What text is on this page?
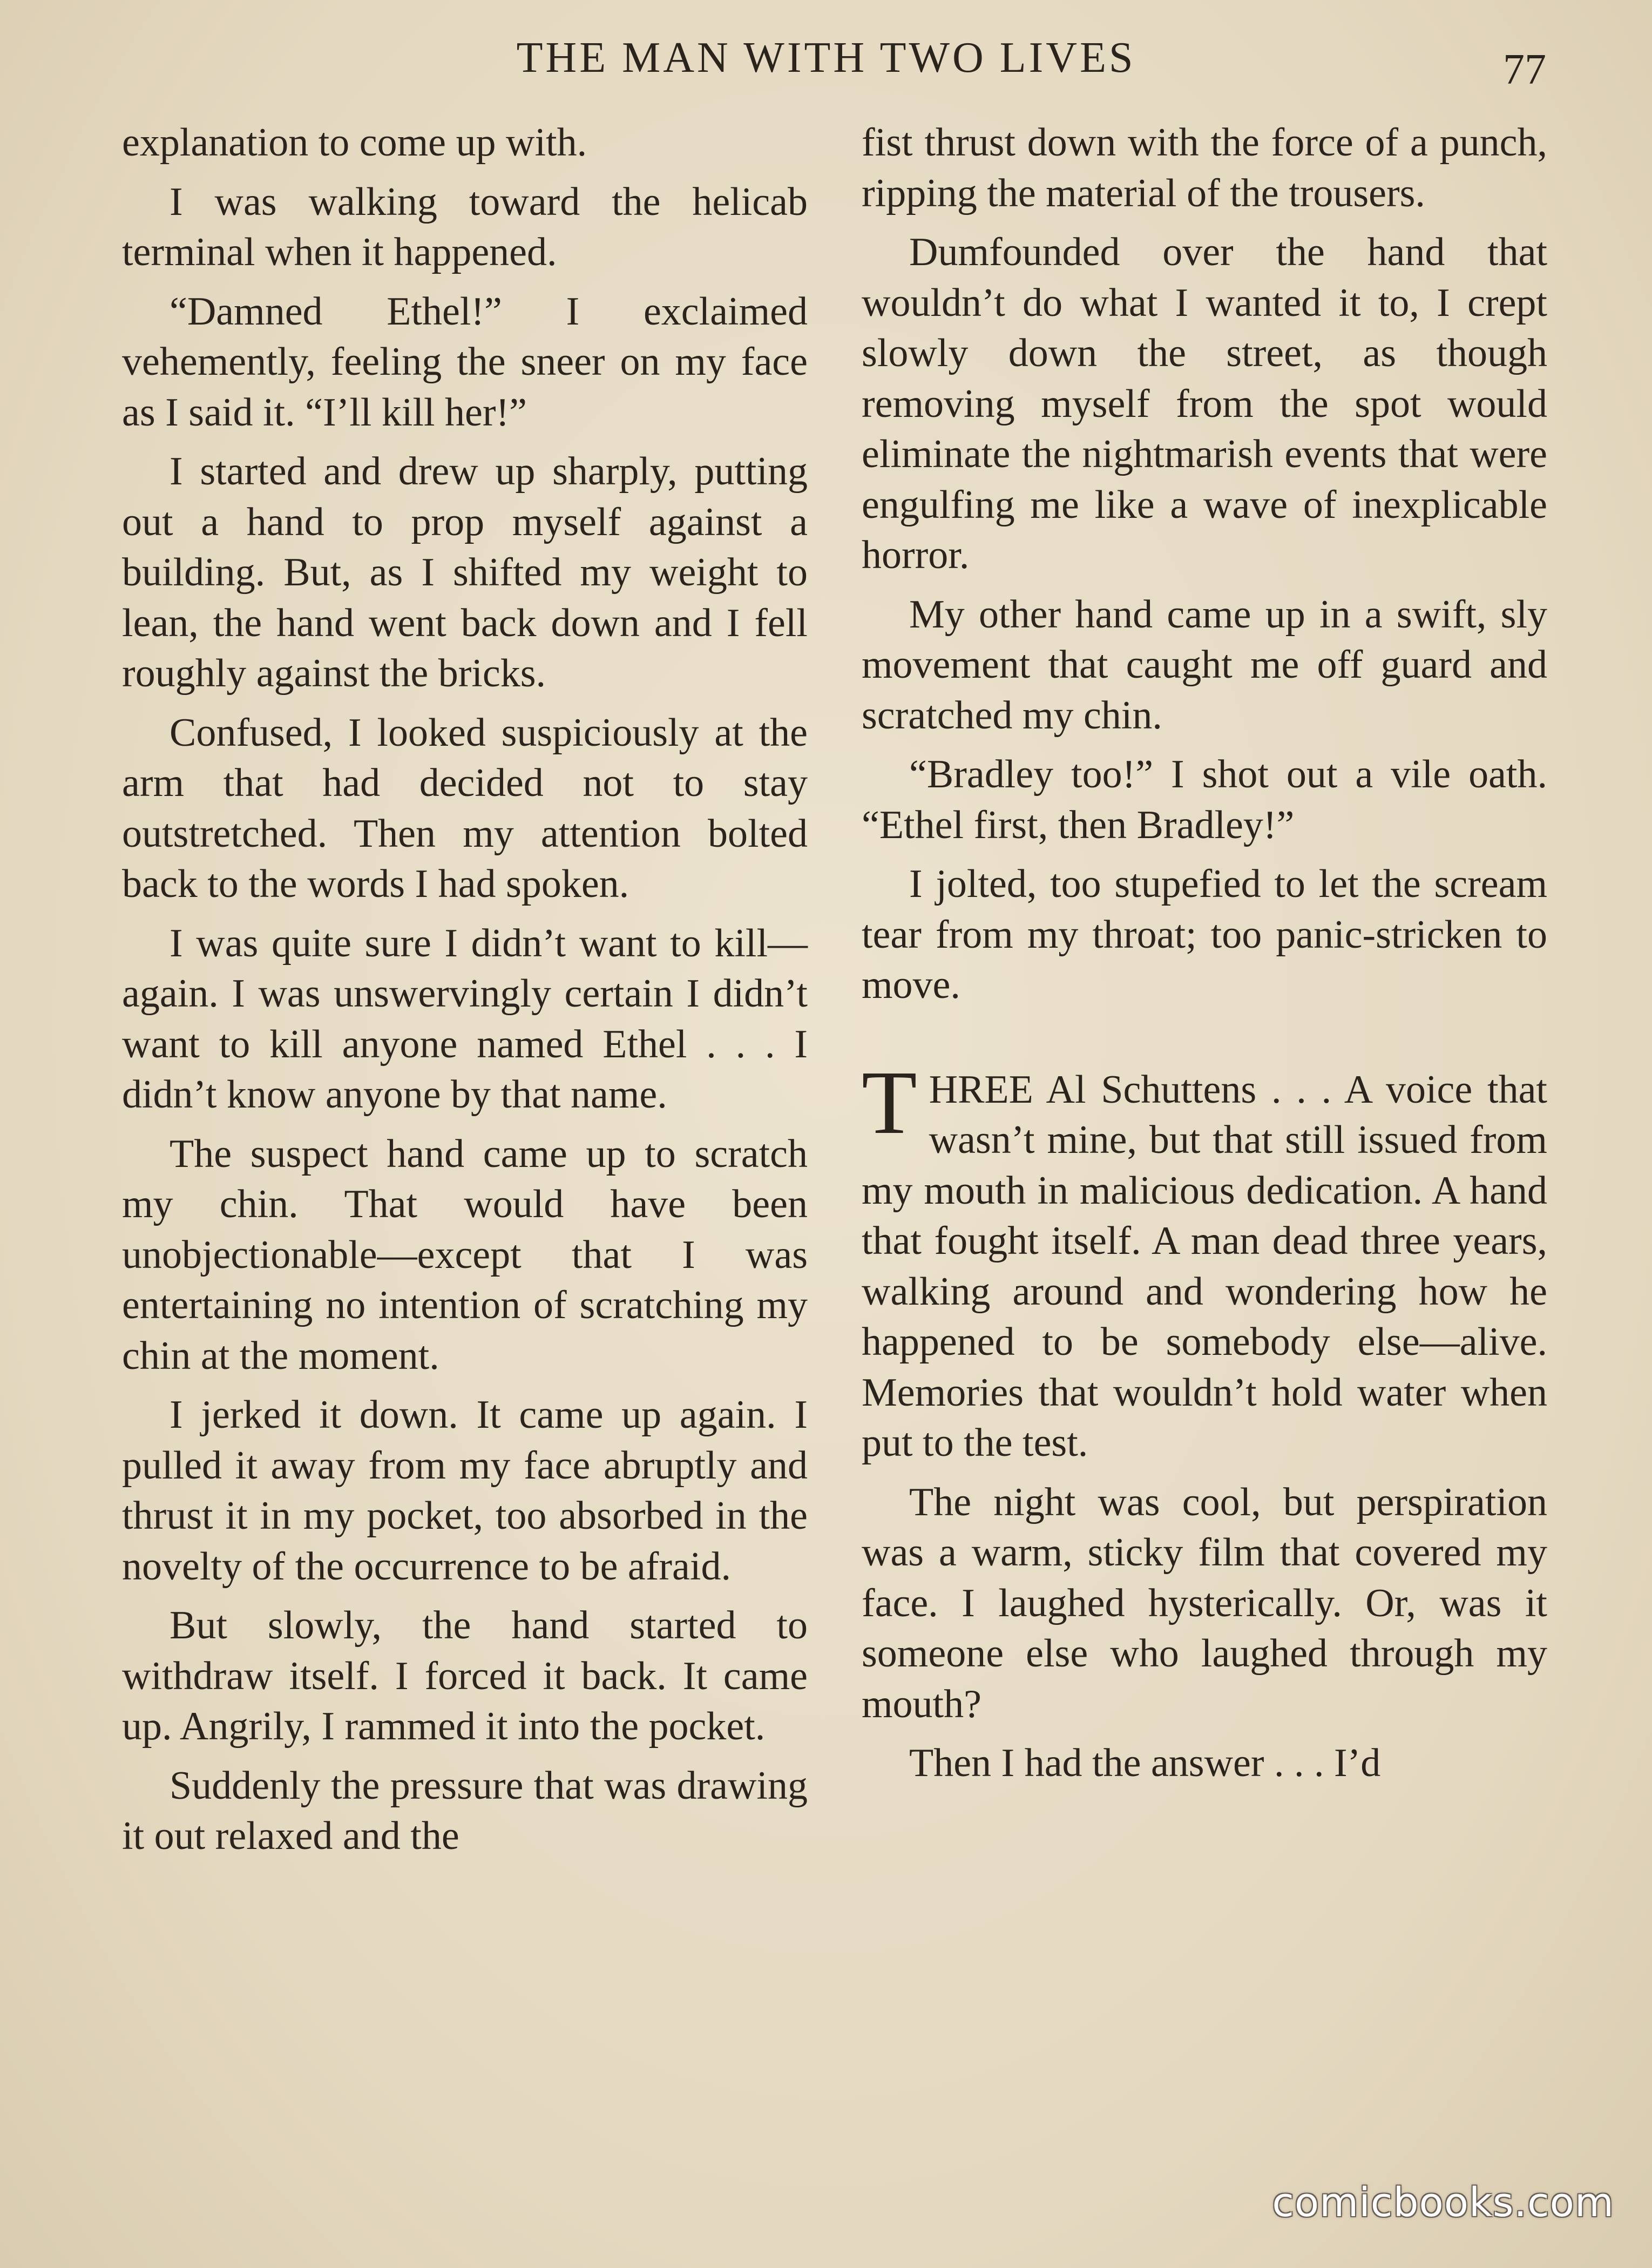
THE MAN WITH TWO LIVES	77

explanation to come up with.

I was walking toward the helicab terminal when it happened.

“Damned Ethel!” I exclaimed vehemently, feeling the sneer on my face as I said it. “I’ll kill her!”

I started and drew up sharply, putting out a hand to prop myself against a building. But, as I shifted my weight to lean, the hand went back down and I fell roughly against the bricks.

Confused, I looked suspiciously at the arm that had decided not to stay outstretched. Then my attention bolted back to the words I had spoken.

I was quite sure I didn’t want to kill—again. I was unswervingly certain I didn’t want to kill anyone named Ethel . . . I didn’t know anyone by that name.

The suspect hand came up to scratch my chin. That would have been unobjectionable—except that I was entertaining no intention of scratching my chin at the moment.

I jerked it down. It came up again. I pulled it away from my face abruptly and thrust it in my pocket, too absorbed in the novelty of the occurrence to be afraid.

But slowly, the hand started to withdraw itself. I forced it back. It came up. Angrily, I rammed it into the pocket.

Suddenly the pressure that was drawing it out relaxed and the

fist thrust down with the force of a punch, ripping the material of the trousers.

Dumfounded over the hand that wouldn’t do what I wanted it to, I crept slowly down the street, as though removing myself from the spot would eliminate the nightmarish events that were engulfing me like a wave of inexplicable horror.

My other hand came up in a swift, sly movement that caught me off guard and scratched my chin.

“Bradley too!” I shot out a vile oath. “Ethel first, then Bradley!”

I jolted, too stupefied to let the scream tear from my throat; too panic-stricken to move.

THREE Al Schuttens . . . A voice that wasn’t mine, but that still issued from my mouth in malicious dedication. A hand that fought itself. A man dead three years, walking around and wondering how he happened to be somebody else—alive. Memories that wouldn’t hold water when put to the test.

The night was cool, but perspiration was a warm, sticky film that covered my face. I laughed hysterically. Or, was it someone else who laughed through my mouth?

Then I had the answer . . . I’d

comicbooks.com
